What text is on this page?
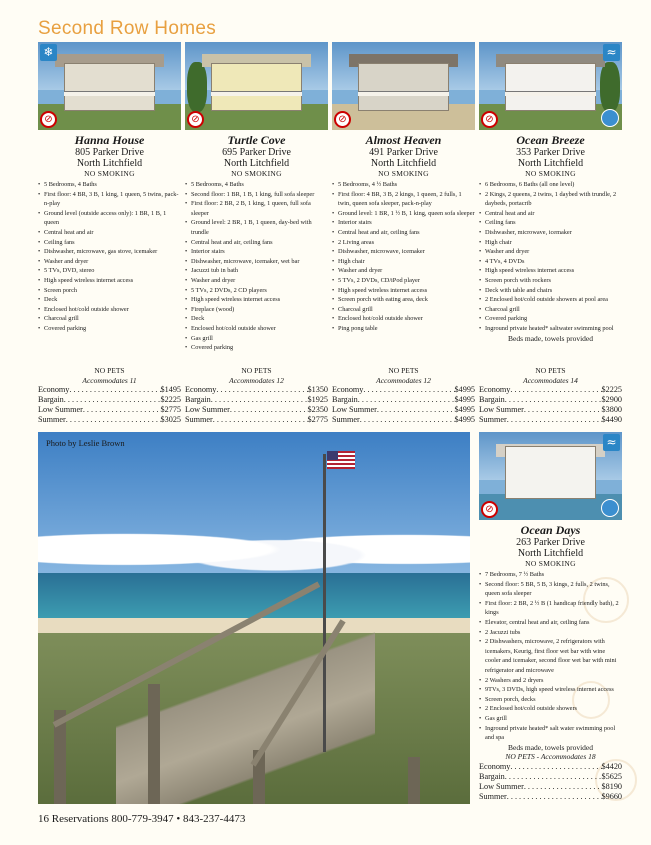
Second Row Homes
❄
⊘
Hanna House
805 Parker Drive
North Litchfield
NO SMOKING
• 5 Bedrooms, 4 Baths
• First floor: 4 BR, 3 B, 1 king, 1 queen, 5 twins, pack-n-play
• Ground level (outside access only): 1 BR, 1 B, 1 queen
• Central heat and air
• Ceiling fans
• Dishwasher, microwave, gas stove, icemaker
• Washer and dryer
• 5 TVs, DVD, stereo
• High speed wireless internet access
• Screen porch
• Deck
• Enclosed hot/cold outside shower
• Charcoal grill
• Covered parking
NO PETS
Accommodates 11
Economy . . .	$1495
Bargain . . .	$2225
Low Summer . . .	$2775
Summer . . .	$3025
⊘
Turtle Cove
695 Parker Drive
North Litchfield
NO SMOKING
• 5 Bedrooms, 4 Baths
• Second floor: 1 BR, 1 B, 1 king, full sofa sleeper
• First floor: 2 BR, 2 B, 1 king, 1 queen, full sofa sleeper
• Ground level: 2 BR, 1 B, 1 queen, day-bed with trundle
• Central heat and air, ceiling fans
• Interior stairs
• Dishwasher, microwave, icemaker, wet bar
• Jacuzzi tub in bath
• Washer and dryer
• 5 TVs, 2 DVDs, 2 CD players
• High speed wireless internet access
• Fireplace (wood)
• Deck
• Enclosed hot/cold outside shower
• Gas grill
• Covered parking
NO PETS
Accommodates 12
Economy . . .	$1350
Bargain . . .	$1925
Low Summer . . .	$2350
Summer . . .	$2775
⊘
Almost Heaven
491 Parker Drive
North Litchfield
NO SMOKING
• 5 Bedrooms, 4 ½ Baths
• First floor: 4 BR, 3 B, 2 kings, 1 queen, 2 fulls, 1 twin, queen sofa sleeper, pack-n-play
• Ground level: 1 BR, 1 ½ B, 1 king, queen sofa sleeper
• Interior stairs
• Central heat and air, ceiling fans
• 2 Living areas
• Dishwasher, microwave, icemaker
• High chair
• Washer and dryer
• 5 TVs, 2 DVDs, CD/iPod player
• High speed wireless internet access
• Screen porch with eating area, deck
• Charcoal grill
• Enclosed hot/cold outside shower
• Ping pong table
NO PETS
Accommodates 12
Economy . . .	$4995
Bargain . . .	$4995
Low Summer . . .	$4995
Summer . . .	$4995
≈
⊘
Ocean Breeze
353 Parker Drive
North Litchfield
NO SMOKING
• 6 Bedrooms, 6 Baths (all one level)
• 2 Kings, 2 queens, 2 twins, 1 daybed with trundle, 2 daybeds, portacrib
• Central heat and air
• Ceiling fans
• Dishwasher, microwave, icemaker
• High chair
• Washer and dryer
• 4 TVs, 4 DVDs
• High speed wireless internet access
• Screen porch with rockers
• Deck with table and chairs
• 2 Enclosed hot/cold outside showers at pool area
• Charcoal grill
• Covered parking
• Inground private heated* saltwater swimming pool
Beds made, towels provided
NO PETS
Accommodates 14
Economy . . .	$2225
Bargain . . .	$2900
Low Summer . . .	$3800
Summer . . .	$4490
Photo by Leslie Brown	≈
⊘
Ocean Days
263 Parker Drive
North Litchfield
NO SMOKING
• 7 Bedrooms, 7 ½ Baths
• Second floor: 5 BR, 5 B, 3 kings, 2 fulls, 2 twins, queen sofa sleeper
• First floor: 2 BR, 2 ½ B (1 handicap friendly bath), 2 kings
• Elevator, central heat and air, ceiling fans
• 2 Jacuzzi tubs
• 2 Dishwashers, microwave, 2 refrigerators with icemakers, Keurig, first floor wet bar with wine cooler and icemaker, second floor wet bar with mini refrigerator and microwave
• 2 Washers and 2 dryers
• 9TVs, 3 DVDs, high speed wireless internet access
• Screen porch, decks
• 2 Enclosed hot/cold outside showers
• Gas grill
• Inground private heated* salt water swimming pool and spa
Beds made, towels provided
NO PETS - Accommodates 18
Economy . . .	$4420
Bargain . . .	$5625
Low Summer . . .	$8190
Summer . . .	$9660
16 Reservations 800-779-3947 • 843-237-4473
